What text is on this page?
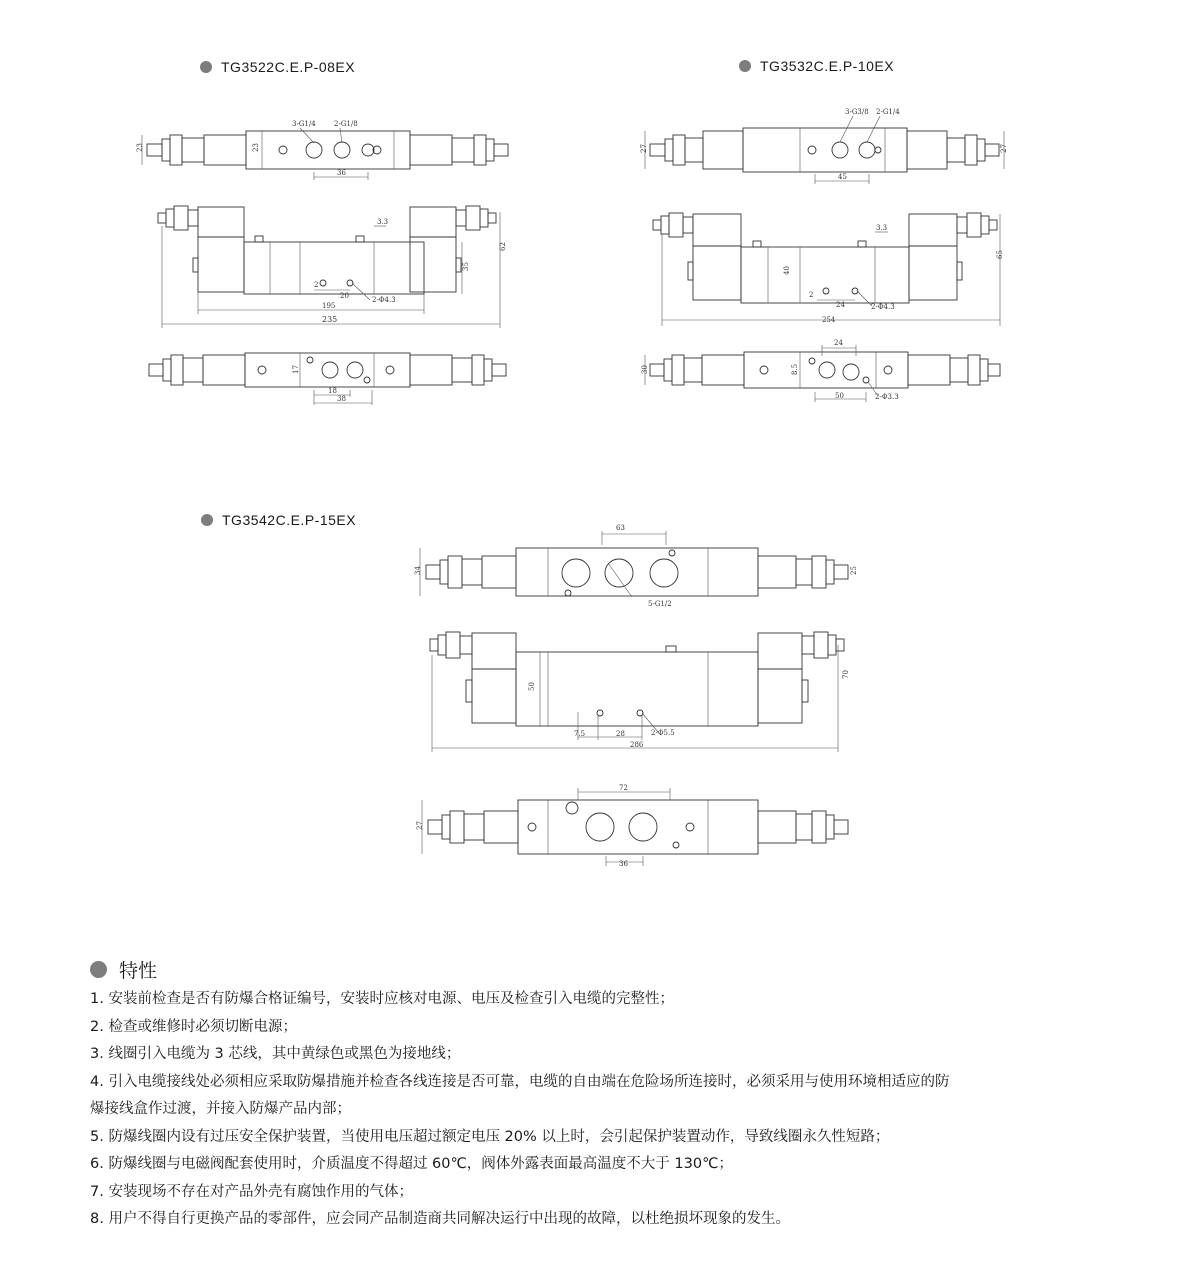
TG3522C.E.P-08EX	TG3532C.E.P-10EX
TG3542C.E.P-15EX
3-G1/4	2-G1/8
36
23	23
3.3
62
35
2
20	2-Φ4.3
195
235
17
18
38
3-G3/8 2-G1/4
45
27	27
3.3
65
40
2
24	2-Φ4.3
254
24
8.5
50	2-Φ3.3
30
63
5-G1/2
34	25
50
70
7.5	28	2-Φ5.5
286
72
36
27
特性
1. 安装前检查是否有防爆合格证编号，安装时应核对电源、电压及检查引入电缆的完整性；
2. 检查或维修时必须切断电源；
3. 线圈引入电缆为 3 芯线，其中黄绿色或黑色为接地线；
4. 引入电缆接线处必须相应采取防爆措施并检查各线连接是否可靠，电缆的自由端在危险场所连接时，必须采用与使用环境相适应的防
爆接线盒作过渡，并接入防爆产品内部；
5. 防爆线圈内设有过压安全保护装置，当使用电压超过额定电压 20% 以上时，会引起保护装置动作，导致线圈永久性短路；
6. 防爆线圈与电磁阀配套使用时，介质温度不得超过 60℃，阀体外露表面最高温度不大于 130℃；
7. 安装现场不存在对产品外壳有腐蚀作用的气体；
8. 用户不得自行更换产品的零部件，应会同产品制造商共同解决运行中出现的故障，以杜绝损坏现象的发生。
